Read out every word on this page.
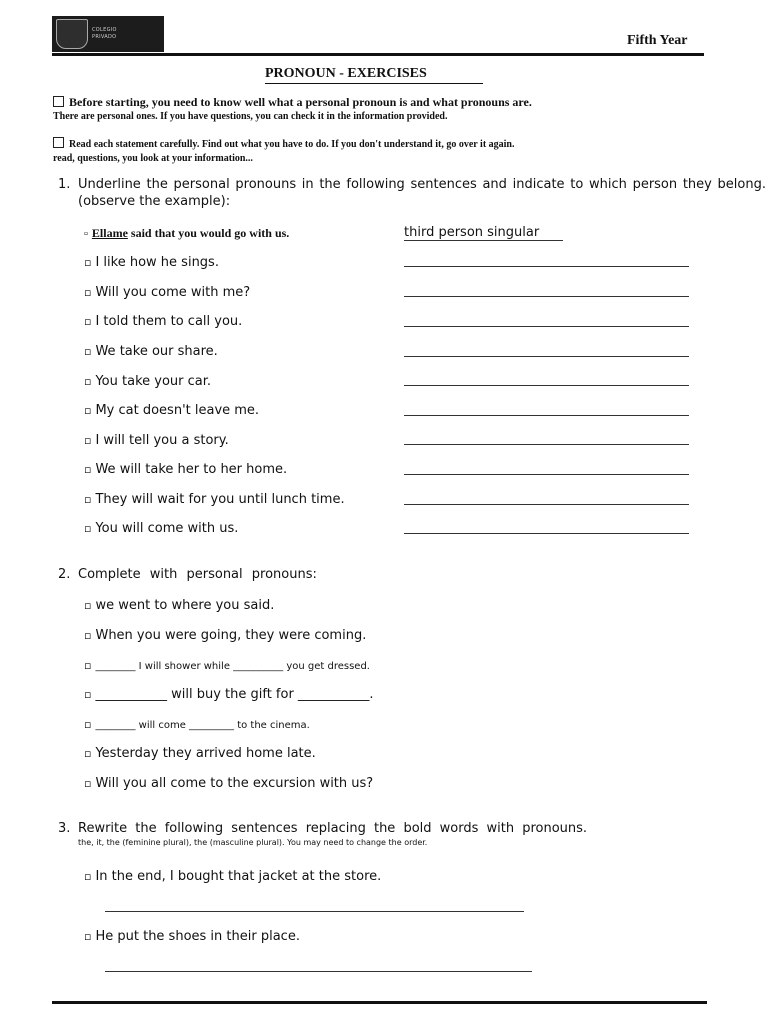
COLEGIO
PRIVADO	Fifth Year
PRONOUN - EXERCISES
Before starting, you need to know well what a personal pronoun is and what pronouns are.
There are personal ones. If you have questions, you can check it in the information provided.
Read each statement carefully. Find out what you have to do. If you don't understand it, go over it again.
read, questions, you look at your information...
1. Underline the personal pronouns in the following sentences and indicate to which person they belong.
(observe the example):
▫ Ellame said that you would go with us.	third person singular
▫ I like how he sings.
▫ Will you come with me?
▫ I told them to call you.
▫ We take our share.
▫ You take your car.
▫ My cat doesn't leave me.
▫ I will tell you a story.
▫ We will take her to her home.
▫ They will wait for you until lunch time.
▫ You will come with us.
2. Complete with personal pronouns:
▫ we went to where you said.
▫ When you were going, they were coming.
▫ ________ I will shower while __________ you get dressed.
▫ ___________ will buy the gift for ___________.
▫ ________ will come _________ to the cinema.
▫ Yesterday they arrived home late.
▫ Will you all come to the excursion with us?
3. Rewrite the following sentences replacing the bold words with pronouns.
the, it, the (feminine plural), the (masculine plural). You may need to change the order.
▫ In the end, I bought that jacket at the store.
▫ He put the shoes in their place.
